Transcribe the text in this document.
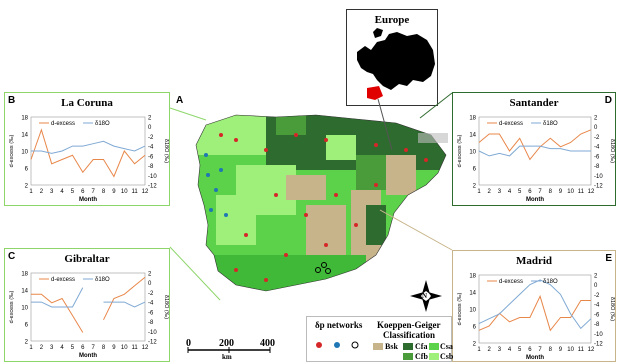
Europe
A
B	La Coruna
2
6
10
14
18
-12
-10
-8
-6
-4
-2
0
2
1 2 3 4 5 6 7 8 9 10 11 12
Month
d-excess (‰)	δ18O (‰)
d-excess	δ18O
C	Gibraltar
2
6
10
14
18
-12
-10
-8
-6
-4
-2
0
2
1 2 3 4 5 6 7 8 9 10 11 12
Month
d-excess (‰)	δ18O (‰)
d-excess	δ18O
D
Santander
2
6
10
14
18
-12
-10
-8
-6
-4
-2
0
2
1 2 3 4 5 6 7 8 9 10 11 12
Month
d-excess (‰)	δ18O (‰)
d-excess	δ18O
E
Madrid
2
6
10
14
18
-12
-10
-8
-6
-4
-2
0
2
1 2 3 4 5 6 7 8 9 10 11 12
Month
d-excess (‰)	δ18O (‰)
d-excess	δ18O
0	200	400
km
N
δp networks Koeppen-Geiger
Classification
Bsk Cfa Csa
Cfb Csb
